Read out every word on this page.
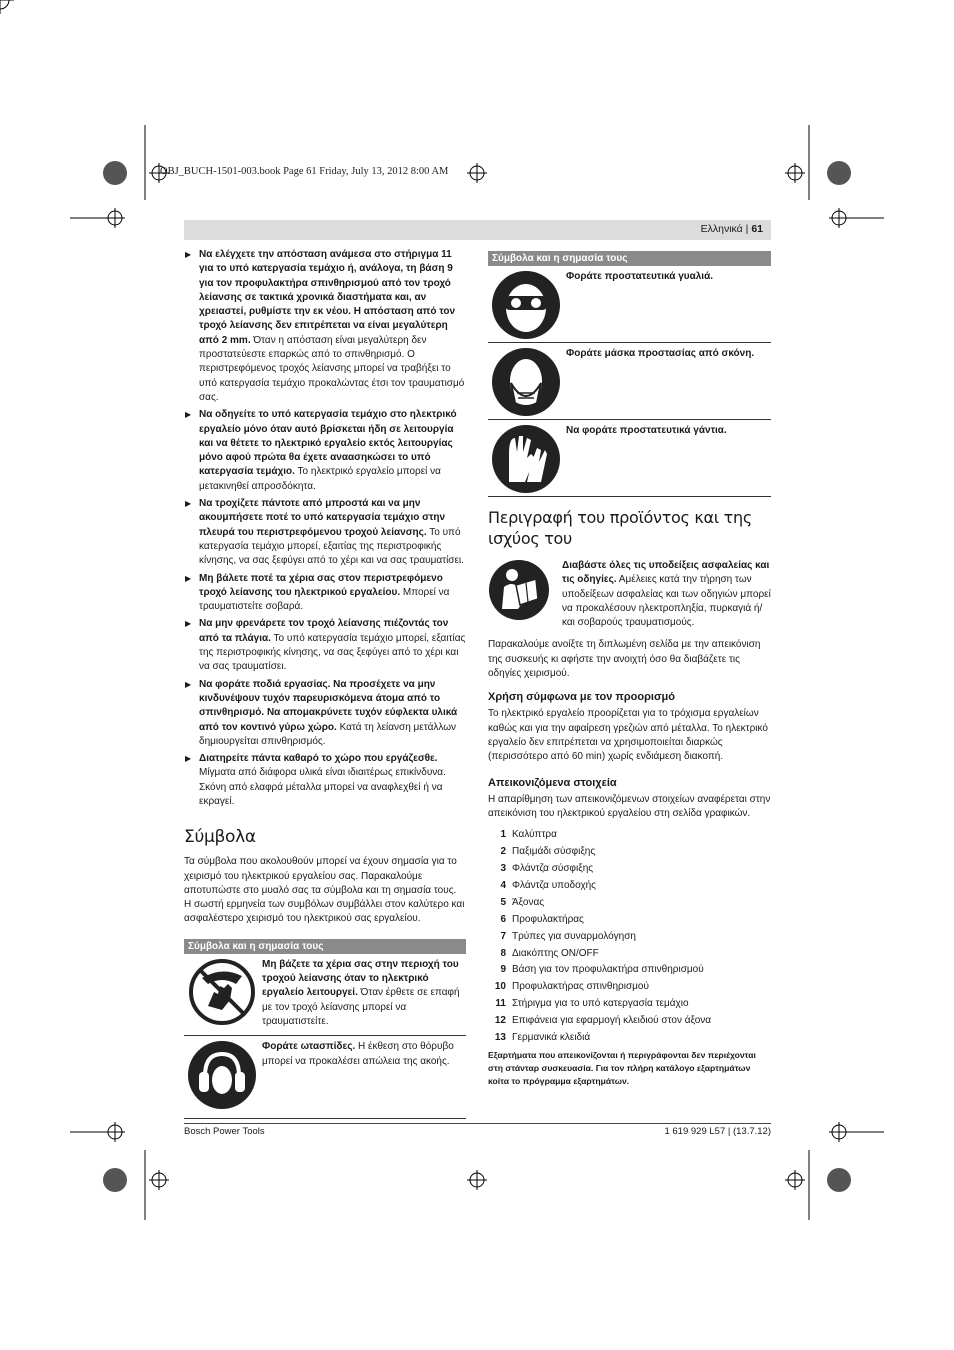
OBJ_BUCH-1501-003.book Page 61 Friday, July 13, 2012 8:00 AM
Ελληνικά | 61
▶ Να ελέγχετε την απόσταση ανάμεσα στο στήριγμα 11 για το υπό κατεργασία τεμάχιο ή, ανάλογα, τη βάση 9 για τον προφυλακτήρα σπινθηρισμού από τον τροχό λείανσης σε τακτικά χρονικά διαστήματα και, αν χρειαστεί, ρυθμίστε την εκ νέου. Η απόσταση από τον τροχό λείανσης δεν επιτρέπεται να είναι μεγαλύτερη από 2 mm. Όταν η απόσταση είναι μεγαλύτερη δεν προστατεύεστε επαρκώς από το σπινθηρισμό. Ο περιστρεφόμενος τροχός λείανσης μπορεί να τραβήξει το υπό κατεργασία τεμάχιο προκαλώντας έτσι τον τραυματισμό σας.
▶ Να οδηγείτε το υπό κατεργασία τεμάχιο στο ηλεκτρικό εργαλείο μόνο όταν αυτό βρίσκεται ήδη σε λειτουργία και να θέτετε το ηλεκτρικό εργαλείο εκτός λειτουργίας μόνο αφού πρώτα θα έχετε αναασηκώσει το υπό κατεργασία τεμάχιο. Το ηλεκτρικό εργαλείο μπορεί να μετακινηθεί απροσδόκητα.
▶ Να τροχίζετε πάντοτε από μπροστά και να μην ακουμπήσετε ποτέ το υπό κατεργασία τεμάχιο στην πλευρά του περιστρεφόμενου τροχού λείανσης. Το υπό κατεργασία τεμάχιο μπορεί, εξαιτίας της περιστροφικής κίνησης, να σας ξεφύγει από το χέρι και να σας τραυματίσει.
▶ Μη βάλετε ποτέ τα χέρια σας στον περιστρεφόμενο τροχό λείανσης του ηλεκτρικού εργαλείου. Μπορεί να τραυματιστείτε σοβαρά.
▶ Να μην φρενάρετε τον τροχό λείανσης πιέζοντάς τον από τα πλάγια. Το υπό κατεργασία τεμάχιο μπορεί, εξαιτίας της περιστροφικής κίνησης, να σας ξεφύγει από το χέρι και να σας τραυματίσει.
▶ Να φοράτε ποδιά εργασίας. Να προσέχετε να μην κινδυνέψουν τυχόν παρευρισκόμενα άτομα από το σπινθηρισμό. Να απομακρύνετε τυχόν εύφλεκτα υλικά από τον κοντινό γύρω χώρο. Κατά τη λείανση μετάλλων δημιουργείται σπινθηρισμός.
▶ Διατηρείτε πάντα καθαρό το χώρο που εργάζεσθε. Μίγματα από διάφορα υλικά είναι ιδιαιτέρως επικίνδυνα. Σκόνη από ελαφρά μέταλλα μπορεί να αναφλεχθεί ή να εκραγεί.
Σύμβολα
Τα σύμβολα που ακολουθούν μπορεί να έχουν σημασία για το χειρισμό του ηλεκτρικού εργαλείου σας. Παρακαλούμε αποτυπώστε στο μυαλό σας τα σύμβολα και τη σημασία τους. Η σωστή ερμηνεία των συμβόλων συμβάλλει στον καλύτερο και ασφαλέστερο χειρισμό του ηλεκτρικού σας εργαλείου.
Σύμβολα και η σημασία τους
Μη βάζετε τα χέρια σας στην περιοχή του τροχού λείανσης όταν το ηλεκτρικό εργαλείο λειτουργεί. Όταν έρθετε σε επαφή με τον τροχό λείανσης μπορεί να τραυματιστείτε.
Φοράτε ωτασπίδες. Η έκθεση στο θόρυβο μπορεί να προκαλέσει απώλεια της ακοής.
Σύμβολα και η σημασία τους
Φοράτε προστατευτικά γυαλιά.
Φοράτε μάσκα προστασίας από σκόνη.
Να φοράτε προστατευτικά γάντια.
Περιγραφή του προϊόντος και της ισχύος του
Διαβάστε όλες τις υποδείξεις ασφαλείας και τις οδηγίες. Αμέλειες κατά την τήρηση των υποδείξεων ασφαλείας και των οδηγιών μπορεί να προκαλέσουν ηλεκτροπληξία, πυρκαγιά ή/και σοβαρούς τραυματισμούς.
Παρακαλούμε ανοίξτε τη διπλωμένη σελίδα με την απεικόνιση της συσκευής κι αφήστε την ανοιχτή όσο θα διαβάζετε τις οδηγίες χειρισμού.
Χρήση σύμφωνα με τον προορισμό
Το ηλεκτρικό εργαλείο προορίζεται για το τρόχισμα εργαλείων καθώς και για την αφαίρεση γρεζιών από μέταλλα. Το ηλεκτρικό εργαλείο δεν επιτρέπεται να χρησιμοποιείται διαρκώς (περισσότερο από 60 min) χωρίς ενδιάμεση διακοπή.
Απεικονιζόμενα στοιχεία
Η απαρίθμηση των απεικονιζόμενων στοιχείων αναφέρεται στην απεικόνιση του ηλεκτρικού εργαλείου στη σελίδα γραφικών.
1 Καλύπτρα
2 Παξιμάδι σύσφιξης
3 Φλάντζα σύσφιξης
4 Φλάντζα υποδοχής
5 Άξονας
6 Προφυλακτήρας
7 Τρύπες για συναρμολόγηση
8 Διακόπτης ON/OFF
9 Βάση για τον προφυλακτήρα σπινθηρισμού
10 Προφυλακτήρας σπινθηρισμού
11 Στήριγμα για το υπό κατεργασία τεμάχιο
12 Επιφάνεια για εφαρμογή κλειδιού στον άξονα
13 Γερμανικά κλειδιά
Εξαρτήματα που απεικονίζονται ή περιγράφονται δεν περιέχονται στη στάνταρ συσκευασία. Για τον πλήρη κατάλογο εξαρτημάτων κοίτα το πρόγραμμα εξαρτημάτων.
Bosch Power Tools	1 619 929 L57 | (13.7.12)
